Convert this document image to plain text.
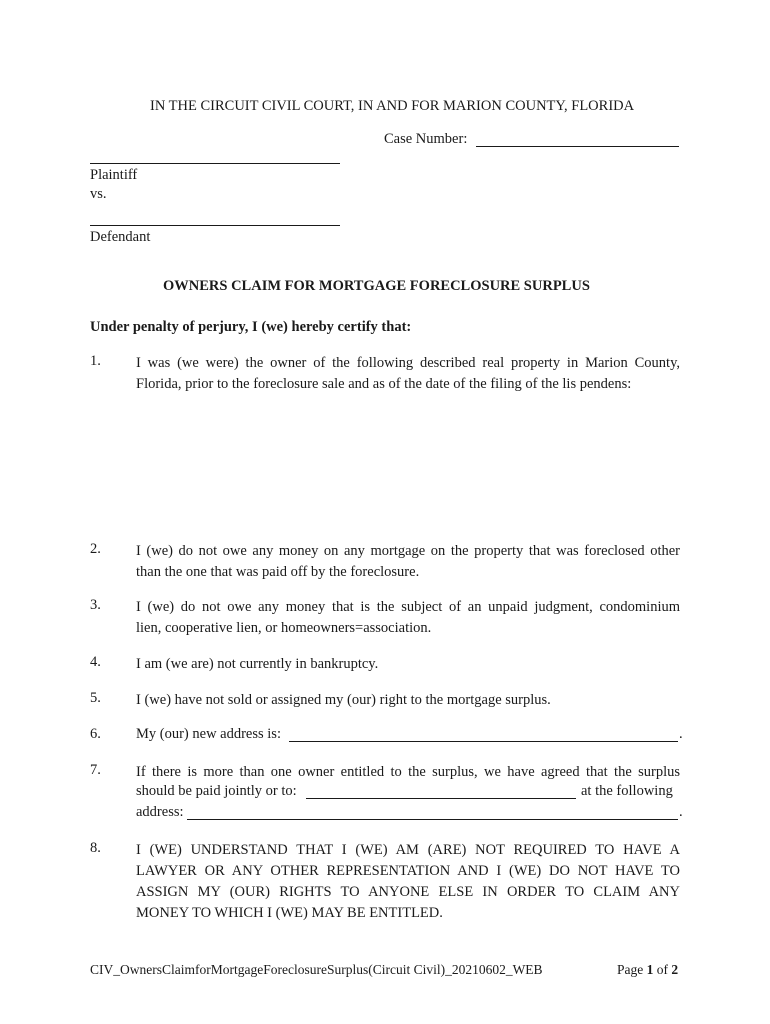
IN THE CIRCUIT CIVIL COURT, IN AND FOR MARION COUNTY, FLORIDA
Case Number:
Plaintiff
vs.
Defendant
OWNERS CLAIM FOR MORTGAGE FORECLOSURE SURPLUS
Under penalty of perjury, I (we) hereby certify that:
1. I was (we were) the owner of the following described real property in Marion County,
Florida, prior to the foreclosure sale and as of the date of the filing of the lis pendens:
2. I (we) do not owe any money on any mortgage on the property that was foreclosed other
than the one that was paid off by the foreclosure.
3. I (we) do not owe any money that is the subject of an unpaid judgment, condominium
lien, cooperative lien, or homeowners=association.
4. I am (we are) not currently in bankruptcy.
5. I (we) have not sold or assigned my (our) right to the mortgage surplus.
6. My (our) new address is:	.
7. If there is more than one owner entitled to the surplus, we have agreed that the surplus
should be paid jointly or to:	at the following
address:	.
8. I (WE) UNDERSTAND THAT I (WE) AM (ARE) NOT REQUIRED TO HAVE A
LAWYER OR ANY OTHER REPRESENTATION AND I (WE) DO NOT HAVE TO
ASSIGN MY (OUR) RIGHTS TO ANYONE ELSE IN ORDER TO CLAIM ANY
MONEY TO WHICH I (WE) MAY BE ENTITLED.
CIV_OwnersClaimforMortgageForeclosureSurplus(Circuit Civil)_20210602_WEB	Page 1 of 2
